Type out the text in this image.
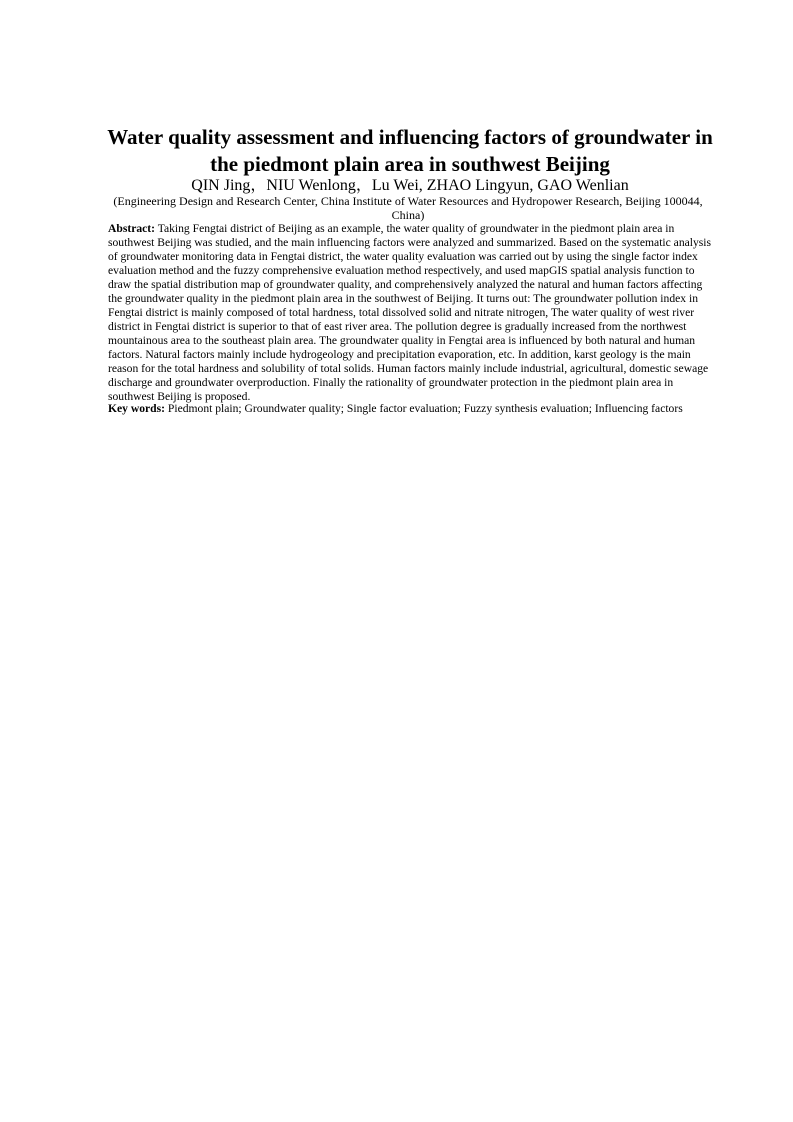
Water quality assessment and influencing factors of groundwater in the piedmont plain area in southwest Beijing
QIN Jing，NIU Wenlong，Lu Wei, ZHAO Lingyun, GAO Wenlian
(Engineering Design and Research Center, China Institute of Water Resources and Hydropower Research, Beijing 100044, China)

Abstract: Taking Fengtai district of Beijing as an example, the water quality of groundwater in the piedmont plain area in southwest Beijing was studied, and the main influencing factors were analyzed and summarized. Based on the systematic analysis of groundwater monitoring data in Fengtai district, the water quality evaluation was carried out by using the single factor index evaluation method and the fuzzy comprehensive evaluation method respectively, and used mapGIS spatial analysis function to draw the spatial distribution map of groundwater quality, and comprehensively analyzed the natural and human factors affecting the groundwater quality in the piedmont plain area in the southwest of Beijing. It turns out: The groundwater pollution index in Fengtai district is mainly composed of total hardness, total dissolved solid and nitrate nitrogen, The water quality of west river district in Fengtai district is superior to that of east river area. The pollution degree is gradually increased from the northwest mountainous area to the southeast plain area. The groundwater quality in Fengtai area is influenced by both natural and human factors. Natural factors mainly include hydrogeology and precipitation evaporation, etc. In addition, karst geology is the main reason for the total hardness and solubility of total solids. Human factors mainly include industrial, agricultural, domestic sewage discharge and groundwater overproduction. Finally the rationality of groundwater protection in the piedmont plain area in southwest Beijing is proposed.

Key words: Piedmont plain; Groundwater quality; Single factor evaluation; Fuzzy synthesis evaluation; Influencing factors
